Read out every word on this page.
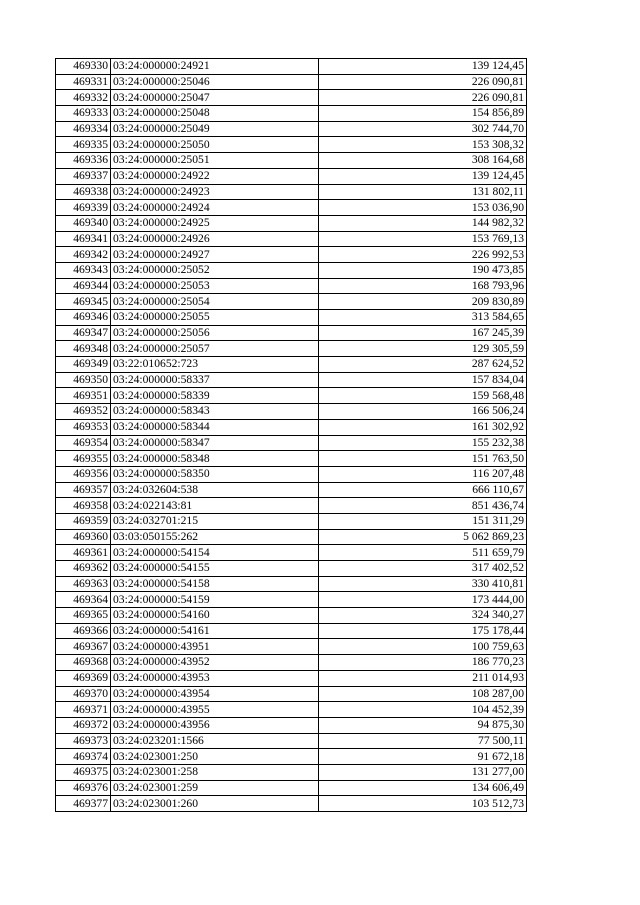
469330	03:24:000000:24921	139 124,45
469331	03:24:000000:25046	226 090,81
469332	03:24:000000:25047	226 090,81
469333	03:24:000000:25048	154 856,89
469334	03:24:000000:25049	302 744,70
469335	03:24:000000:25050	153 308,32
469336	03:24:000000:25051	308 164,68
469337	03:24:000000:24922	139 124,45
469338	03:24:000000:24923	131 802,11
469339	03:24:000000:24924	153 036,90
469340	03:24:000000:24925	144 982,32
469341	03:24:000000:24926	153 769,13
469342	03:24:000000:24927	226 992,53
469343	03:24:000000:25052	190 473,85
469344	03:24:000000:25053	168 793,96
469345	03:24:000000:25054	209 830,89
469346	03:24:000000:25055	313 584,65
469347	03:24:000000:25056	167 245,39
469348	03:24:000000:25057	129 305,59
469349	03:22:010652:723	287 624,52
469350	03:24:000000:58337	157 834,04
469351	03:24:000000:58339	159 568,48
469352	03:24:000000:58343	166 506,24
469353	03:24:000000:58344	161 302,92
469354	03:24:000000:58347	155 232,38
469355	03:24:000000:58348	151 763,50
469356	03:24:000000:58350	116 207,48
469357	03:24:032604:538	666 110,67
469358	03:24:022143:81	851 436,74
469359	03:24:032701:215	151 311,29
469360	03:03:050155:262	5 062 869,23
469361	03:24:000000:54154	511 659,79
469362	03:24:000000:54155	317 402,52
469363	03:24:000000:54158	330 410,81
469364	03:24:000000:54159	173 444,00
469365	03:24:000000:54160	324 340,27
469366	03:24:000000:54161	175 178,44
469367	03:24:000000:43951	100 759,63
469368	03:24:000000:43952	186 770,23
469369	03:24:000000:43953	211 014,93
469370	03:24:000000:43954	108 287,00
469371	03:24:000000:43955	104 452,39
469372	03:24:000000:43956	94 875,30
469373	03:24:023201:1566	77 500,11
469374	03:24:023001:250	91 672,18
469375	03:24:023001:258	131 277,00
469376	03:24:023001:259	134 606,49
469377	03:24:023001:260	103 512,73
